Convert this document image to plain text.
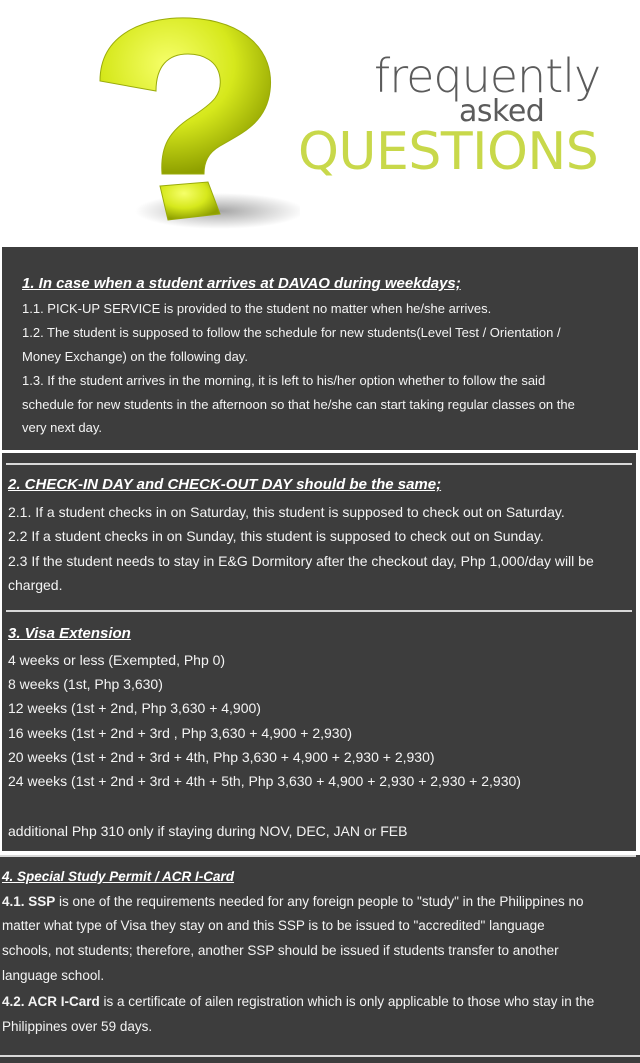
frequently
asked
QUESTIONS
1. In case when a student arrives at DAVAO during weekdays;
1.1. PICK-UP SERVICE is provided to the student no matter when he/she arrives.
1.2. The student is supposed to follow the schedule for new students(Level Test / Orientation /
Money Exchange) on the following day.
1.3. If the student arrives in the morning, it is left to his/her option whether to follow the said
schedule for new students in the afternoon so that he/she can start taking regular classes on the
very next day.
2. CHECK-IN DAY and CHECK-OUT DAY should be the same;
2.1. If a student checks in on Saturday, this student is supposed to check out on Saturday.
2.2 If a student checks in on Sunday, this student is supposed to check out on Sunday.
2.3 If the student needs to stay in E&G Dormitory after the checkout day, Php 1,000/day will be
charged.
3. Visa Extension
4 weeks or less (Exempted, Php 0)
8 weeks (1st, Php 3,630)
12 weeks (1st + 2nd, Php 3,630 + 4,900)
16 weeks (1st + 2nd + 3rd , Php 3,630 + 4,900 + 2,930)
20 weeks (1st + 2nd + 3rd + 4th, Php 3,630 + 4,900 + 2,930 + 2,930)
24 weeks (1st + 2nd + 3rd + 4th + 5th, Php 3,630 + 4,900 + 2,930 + 2,930 + 2,930)
additional Php 310 only if staying during NOV, DEC, JAN or FEB
4. Special Study Permit / ACR I-Card
4.1. SSP is one of the requirements needed for any foreign people to "study" in the Philippines no
matter what type of Visa they stay on and this SSP is to be issued to "accredited" language
schools, not students; therefore, another SSP should be issued if students transfer to another
language school.
4.2. ACR I-Card is a certificate of ailen registration which is only applicable to those who stay in the
Philippines over 59 days.
